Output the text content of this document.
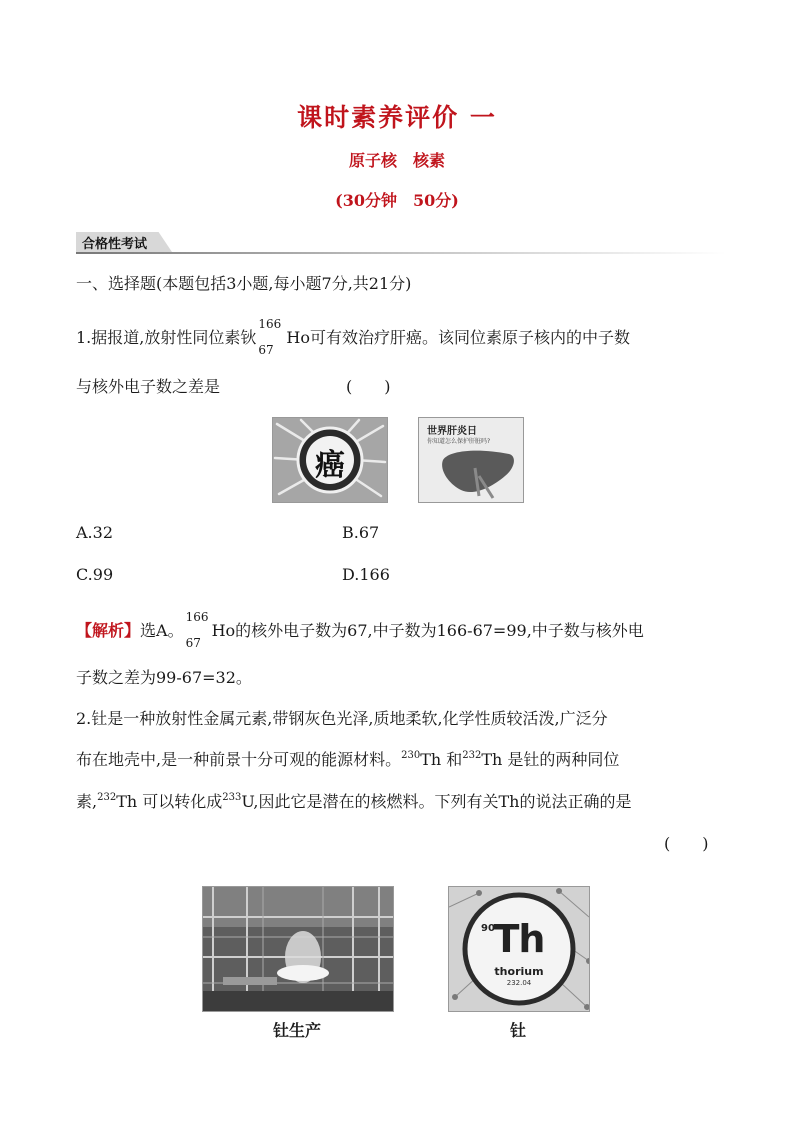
课时素养评价 一
原子核　核素
(30分钟　50分)
合格性考试
一、选择题(本题包括3小题,每小题7分,共21分)
1.据报道,放射性同位素钬
166
67
Ho可有效治疗肝癌。该同位素原子核内的中子数
与核外电子数之差是	(　　)
癌
世界肝炎日
你知道怎么保护肝脏吗?
A.32	B.67
C.99	D.166
【解析】选A。
166
67
Ho的核外电子数为67,中子数为166-67=99,中子数与核外电
子数之差为99-67=32。
2.钍是一种放射性金属元素,带钢灰色光泽,质地柔软,化学性质较活泼,广泛分
布在地壳中,是一种前景十分可观的能源材料。$^{230}$Th 和$^{232}$Th 是钍的两种同位
素,$^{232}$Th 可以转化成$^{233}$U,因此它是潜在的核燃料。下列有关Th的说法正确的是
(　　)
钍生产
90
Th
thorium
232.04
钍
